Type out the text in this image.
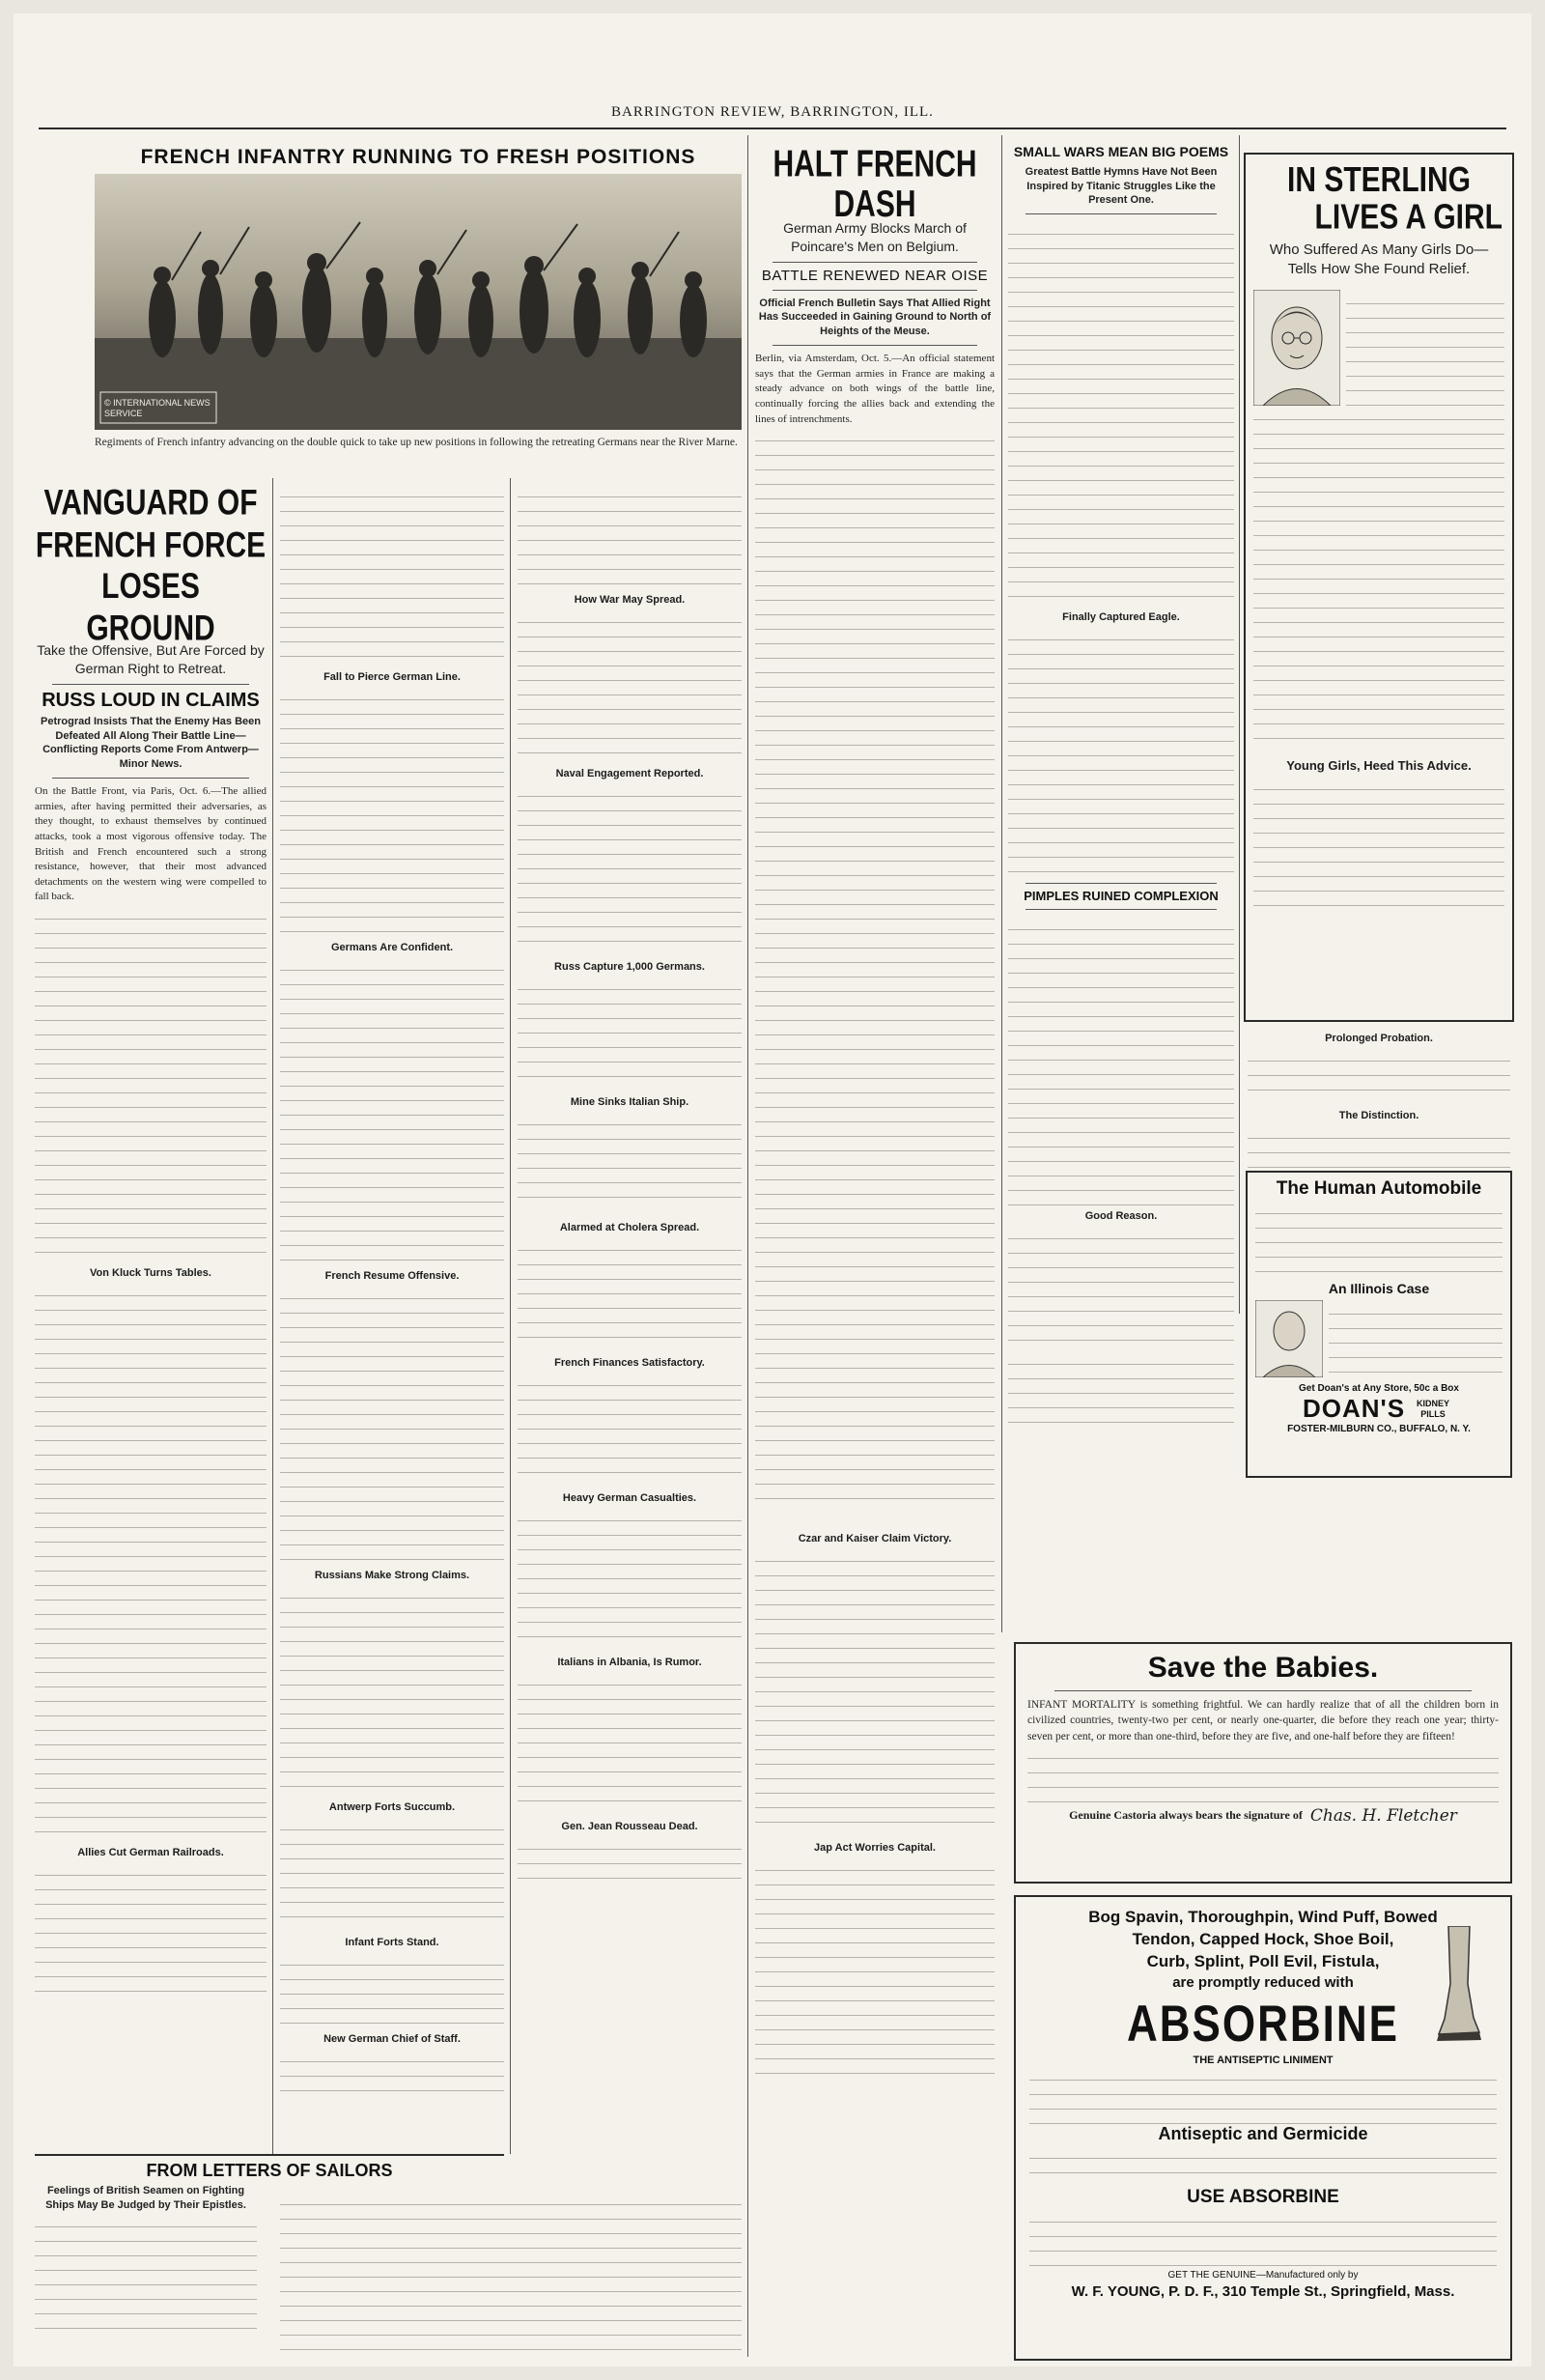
BARRINGTON REVIEW, BARRINGTON, ILL.
FRENCH INFANTRY RUNNING TO FRESH POSITIONS
© INTERNATIONAL NEWS SERVICE
Regiments of French infantry advancing on the double quick to take up new positions in following the retreating Germans near the River Marne.
VANGUARD OF
FRENCH FORCE
LOSES GROUND
Take the Offensive, But Are Forced by German Right to Retreat.
RUSS LOUD IN CLAIMS
Petrograd Insists That the Enemy Has Been Defeated All Along Their Battle Line—Conflicting Reports Come From Antwerp—Minor News.
On the Battle Front, via Paris, Oct. 6.—The allied armies, after having permitted their adversaries, as they thought, to exhaust themselves by continued attacks, took a most vigorous offensive today. The British and French encountered such a strong resistance, however, that their most advanced detachments on the western wing were compelled to fall back.
Von Kluck Turns Tables.
Allies Cut German Railroads.
Fall to Pierce German Line.
Germans Are Confident.
French Resume Offensive.
Russians Make Strong Claims.
Antwerp Forts Succumb.
Infant Forts Stand.
New German Chief of Staff.
How War May Spread.
Naval Engagement Reported.
Russ Capture 1,000 Germans.
Mine Sinks Italian Ship.
Alarmed at Cholera Spread.
French Finances Satisfactory.
Heavy German Casualties.
Italians in Albania, Is Rumor.
Gen. Jean Rousseau Dead.
FROM LETTERS OF SAILORS
Feelings of British Seamen on Fighting Ships May Be Judged by Their Epistles.
HALT FRENCH DASH
German Army Blocks March of Poincare's Men on Belgium.
BATTLE RENEWED NEAR OISE
Official French Bulletin Says That Allied Right Has Succeeded in Gaining Ground to North of Heights of the Meuse.
Berlin, via Amsterdam, Oct. 5.—An official statement says that the German armies in France are making a steady advance on both wings of the battle line, continually forcing the allies back and extending the lines of intrenchments.
Czar and Kaiser Claim Victory.
Jap Act Worries Capital.
SMALL WARS MEAN BIG POEMS
Greatest Battle Hymns Have Not Been Inspired by Titanic Struggles Like the Present One.
Finally Captured Eagle.
PIMPLES RUINED COMPLEXION
Good Reason.
IN STERLING
LIVES A GIRL
Who Suffered As Many Girls Do—Tells How She Found Relief.
Young Girls, Heed This Advice.
Prolonged Probation.
The Distinction.
The Human Automobile
An Illinois Case
Get Doan's at Any Store, 50c a Box
DOAN'S	KIDNEY PILLS
FOSTER-MILBURN CO., BUFFALO, N. Y.
Save the Babies.
INFANT MORTALITY is something frightful. We can hardly realize that of all the children born in civilized countries, twenty-two per cent, or nearly one-quarter, die before they reach one year; thirty-seven per cent, or more than one-third, before they are five, and one-half before they are fifteen!
Genuine Castoria always bears the signature of Chas. H. Fletcher
Bog Spavin, Thoroughpin, Wind Puff, Bowed
Tendon, Capped Hock, Shoe Boil,
Curb, Splint, Poll Evil, Fistula,
are promptly reduced with
ABSORBINE
THE ANTISEPTIC LINIMENT
Antiseptic and Germicide
USE ABSORBINE
GET THE GENUINE—Manufactured only by
W. F. YOUNG, P. D. F., 310 Temple St., Springfield, Mass.
